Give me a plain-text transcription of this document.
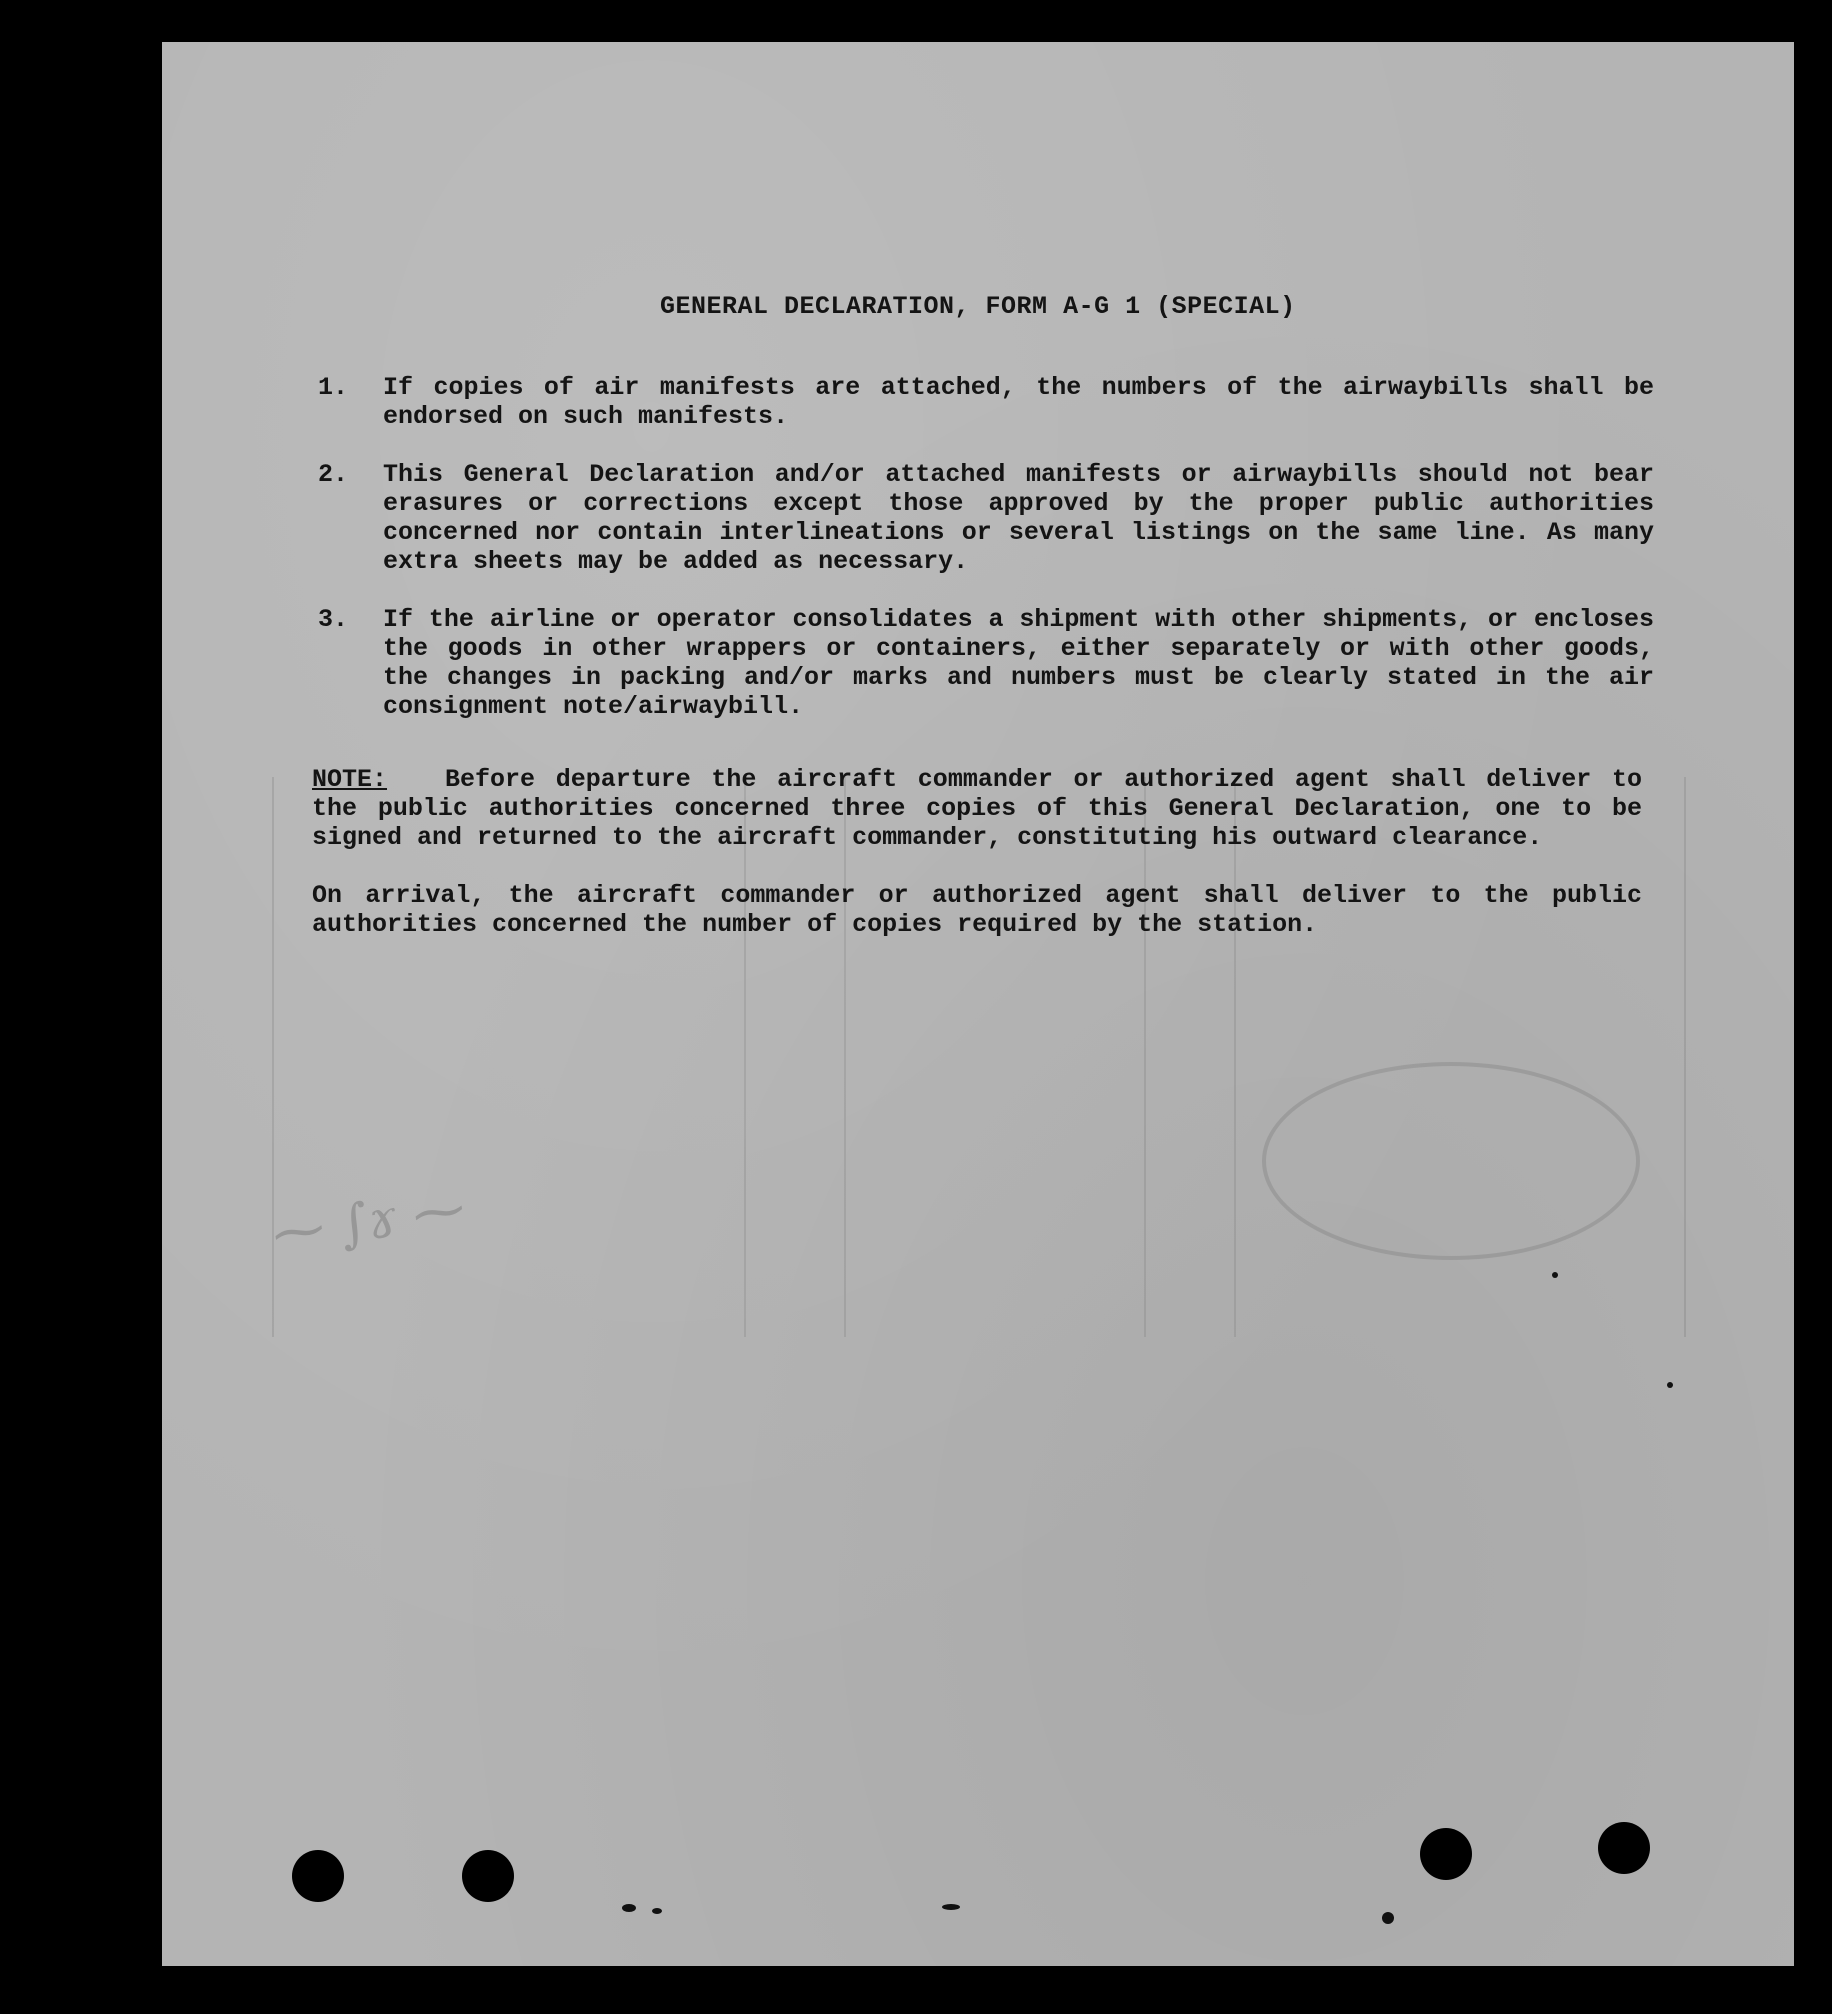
⁓ ∫ɤ ⁓
GENERAL DECLARATION, FORM A-G 1 (SPECIAL)
1.	If copies of air manifests are attached, the numbers of the airwaybills shall be endorsed on such manifests.
2.	This General Declaration and/or attached manifests or airwaybills should not bear erasures or corrections except those approved by the proper public authorities concerned nor contain interlineations or several listings on the same line. As many extra sheets may be added as necessary.
3.	If the airline or operator consolidates a shipment with other shipments, or encloses the goods in other wrappers or containers, either separately or with other goods, the changes in packing and/or marks and numbers must be clearly stated in the air consignment note/airwaybill.
NOTE: Before departure the aircraft commander or authorized agent shall deliver to the public authorities concerned three copies of this General Declaration, one to be signed and returned to the aircraft commander, constituting his outward clearance.
On arrival, the aircraft commander or authorized agent shall deliver to the public authorities concerned the number of copies required by the station.
